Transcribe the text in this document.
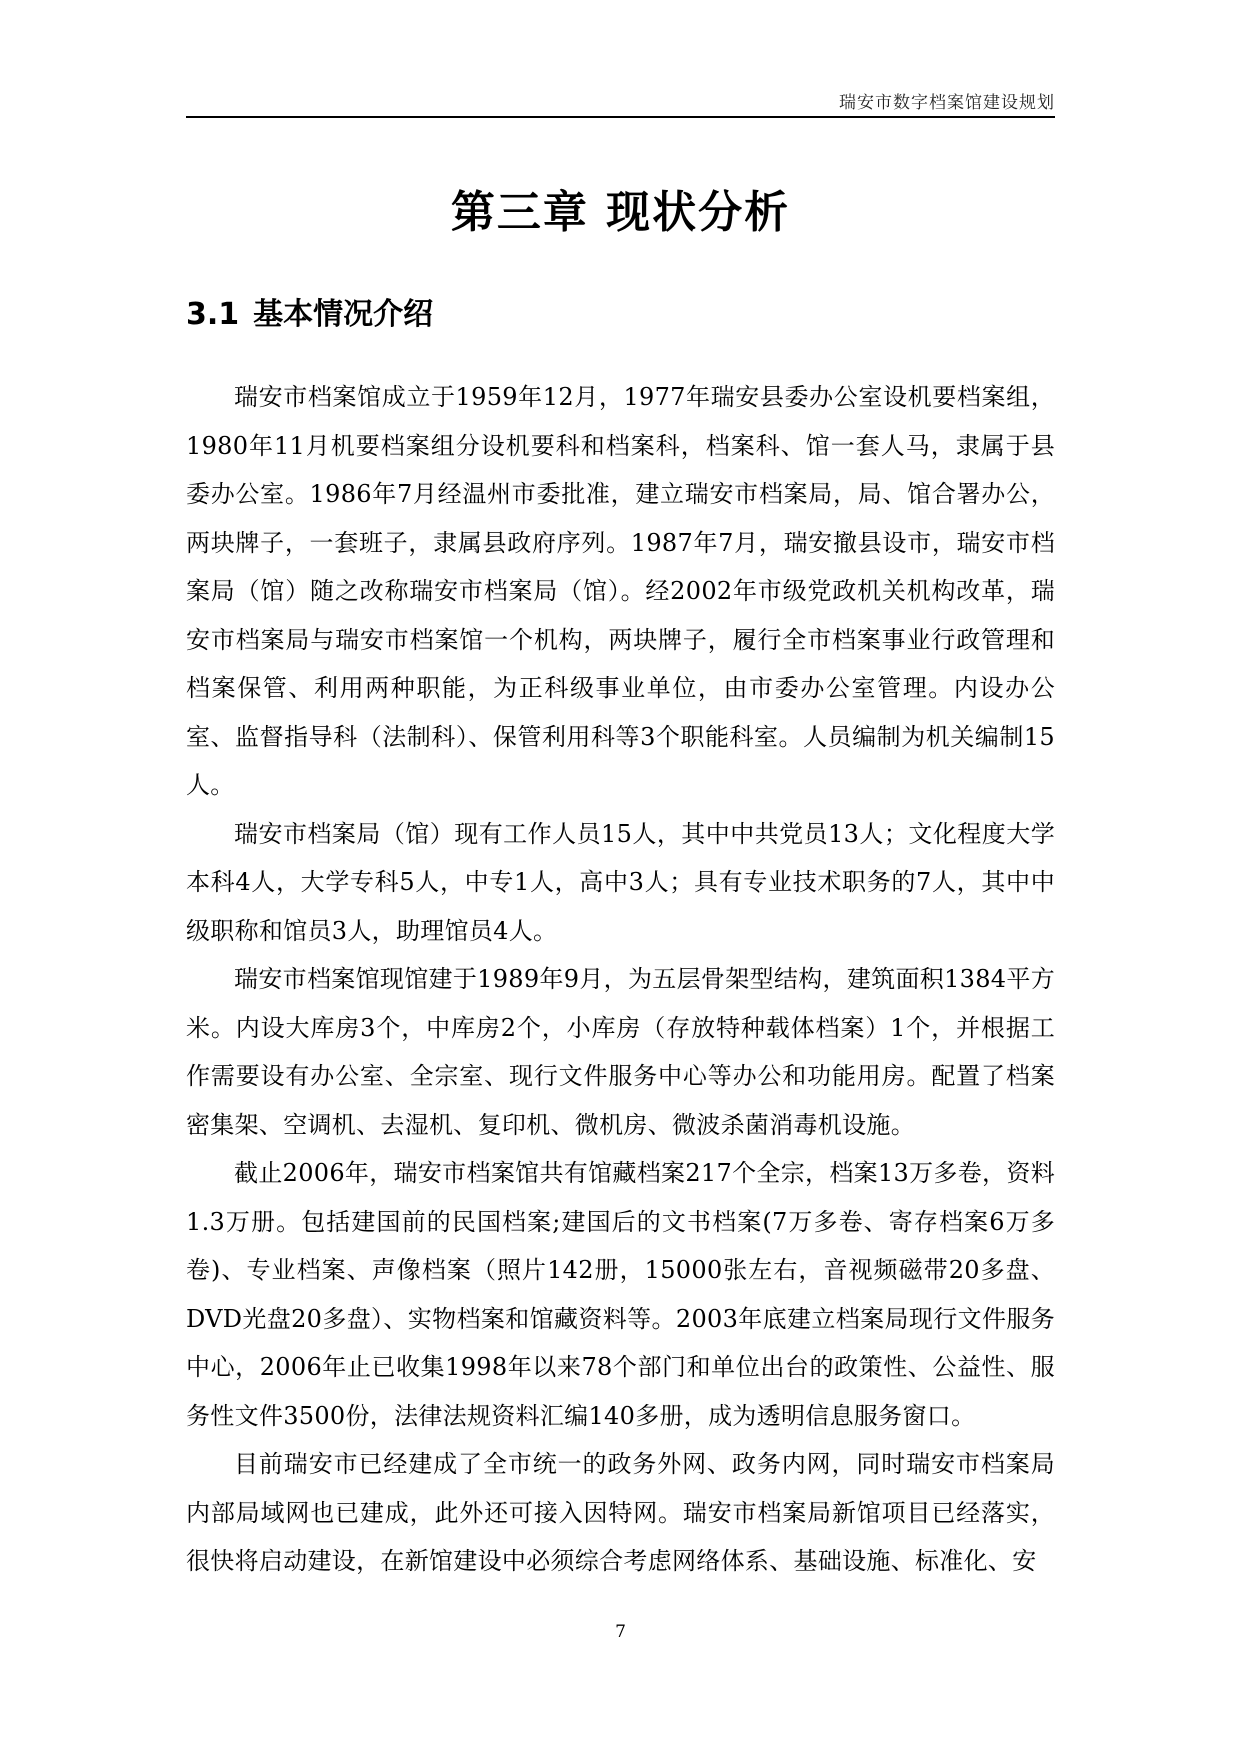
瑞安市数字档案馆建设规划
第三章 现状分析
3.1 基本情况介绍

瑞安市档案馆成立于1959年12月，1977年瑞安县委办公室设机要档案组，1980年11月机要档案组分设机要科和档案科，档案科、馆一套人马，隶属于县委办公室。1986年7月经温州市委批准，建立瑞安市档案局，局、馆合署办公，两块牌子，一套班子，隶属县政府序列。1987年7月，瑞安撤县设市，瑞安市档案局（馆）随之改称瑞安市档案局（馆）。经2002年市级党政机关机构改革，瑞安市档案局与瑞安市档案馆一个机构，两块牌子，履行全市档案事业行政管理和档案保管、利用两种职能，为正科级事业单位，由市委办公室管理。内设办公室、监督指导科（法制科）、保管利用科等3个职能科室。人员编制为机关编制15人。

瑞安市档案局（馆）现有工作人员15人，其中中共党员13人；文化程度大学本科4人，大学专科5人，中专1人，高中3人；具有专业技术职务的7人，其中中级职称和馆员3人，助理馆员4人。

瑞安市档案馆现馆建于1989年9月，为五层骨架型结构，建筑面积1384平方米。内设大库房3个，中库房2个，小库房（存放特种载体档案）1个，并根据工作需要设有办公室、全宗室、现行文件服务中心等办公和功能用房。配置了档案密集架、空调机、去湿机、复印机、微机房、微波杀菌消毒机设施。

截止2006年，瑞安市档案馆共有馆藏档案217个全宗，档案13万多卷，资料1.3万册。包括建国前的民国档案;建国后的文书档案(7万多卷、寄存档案6万多卷)、专业档案、声像档案（照片142册，15000张左右，音视频磁带20多盘、DVD光盘20多盘）、实物档案和馆藏资料等。2003年底建立档案局现行文件服务中心，2006年止已收集1998年以来78个部门和单位出台的政策性、公益性、服务性文件3500份，法律法规资料汇编140多册，成为透明信息服务窗口。

目前瑞安市已经建成了全市统一的政务外网、政务内网，同时瑞安市档案局内部局域网也已建成，此外还可接入因特网。瑞安市档案局新馆项目已经落实，很快将启动建设，在新馆建设中必须综合考虑网络体系、基础设施、标准化、安

7
